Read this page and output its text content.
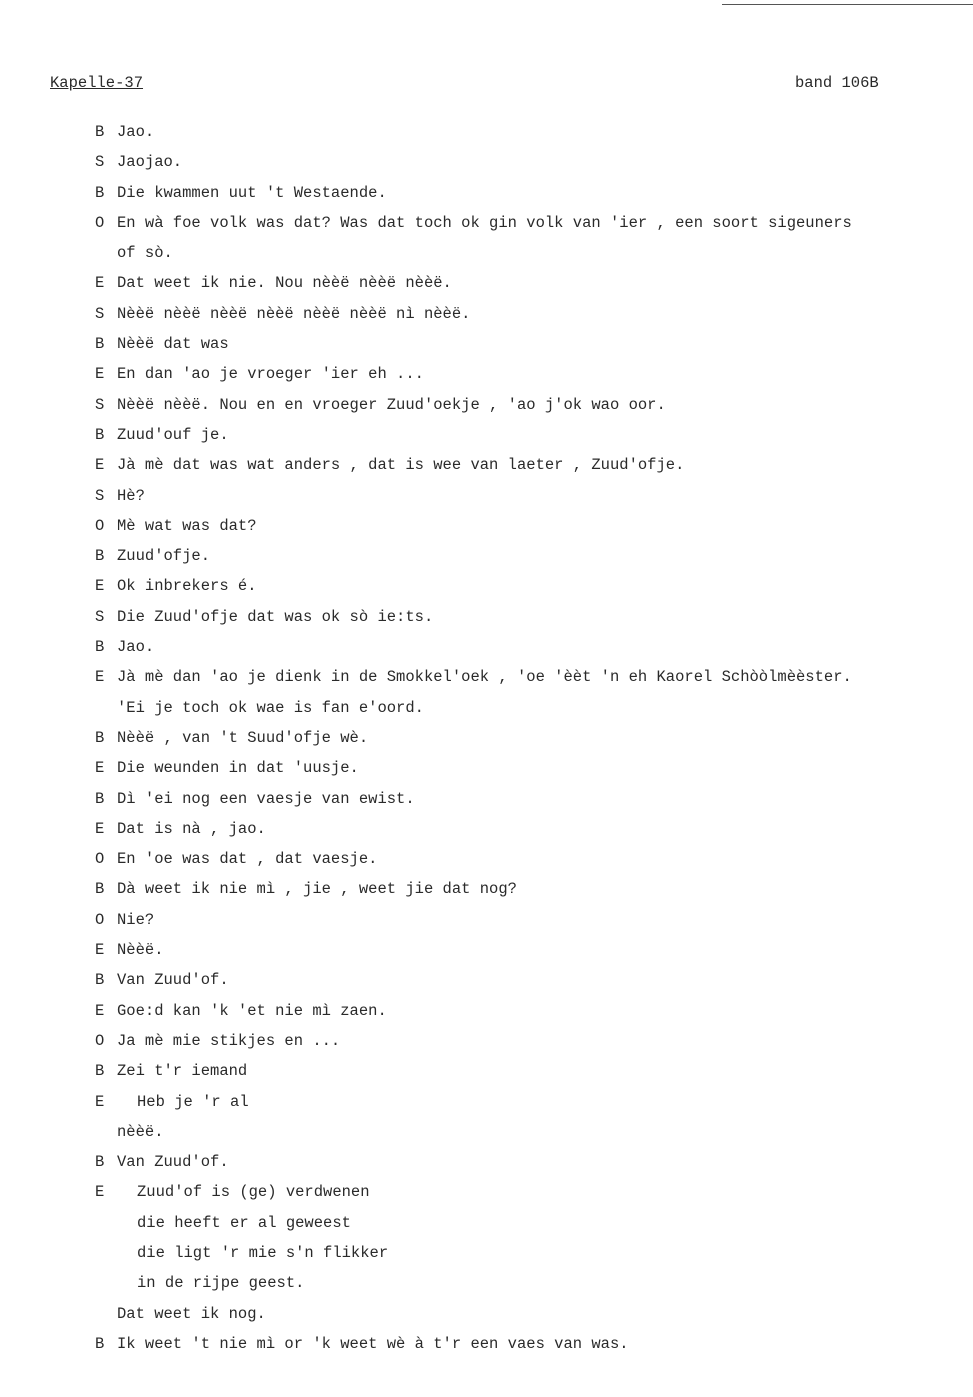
Kapelle-37	band 106B
B Jao.
S Jaojao.
B Die kwammen uut 't Westaende.
O En wà foe volk was dat? Was dat toch ok gin volk van 'ier , een soort sigeuners
of sò.
E Dat weet ik nie. Nou nèèë nèèë nèèë.
S Nèèë nèèë nèèë nèèë nèèë nèèë nì nèèë.
B Nèèë dat was
E En dan 'ao je vroeger 'ier eh ...
S Nèèë nèèë. Nou en en vroeger Zuud'oekje , 'ao j'ok wao oor.
B Zuud'ouf je.
E Jà mè dat was wat anders , dat is wee van laeter , Zuud'ofje.
S Hè?
O Mè wat was dat?
B Zuud'ofje.
E Ok inbrekers é.
S Die Zuud'ofje dat was ok sò ie:ts.
B Jao.
E Jà mè dan 'ao je dienk in de Smokkel'oek , 'oe 'èèt 'n eh Kaorel Schòòlmèèster.
'Ei je toch ok wae is fan e'oord.
B Nèèë , van 't Suud'ofje wè.
E Die weunden in dat 'uusje.
B Dì 'ei nog een vaesje van ewist.
E Dat is nà , jao.
O En 'oe was dat , dat vaesje.
B Dà weet ik nie mì , jie , weet jie dat nog?
O Nie?
E Nèèë.
B Van Zuud'of.
E Goe:d kan 'k 'et nie mì zaen.
O Ja mè mie stikjes en ...
B Zei t'r iemand
E Heb je 'r al
nèèë.
B Van Zuud'of.
E Zuud'of is (ge) verdwenen
die heeft er al geweest
die ligt 'r mie s'n flikker
in de rijpe geest.
Dat weet ik nog.
B Ik weet 't nie mì or 'k weet wè à t'r een vaes van was.
